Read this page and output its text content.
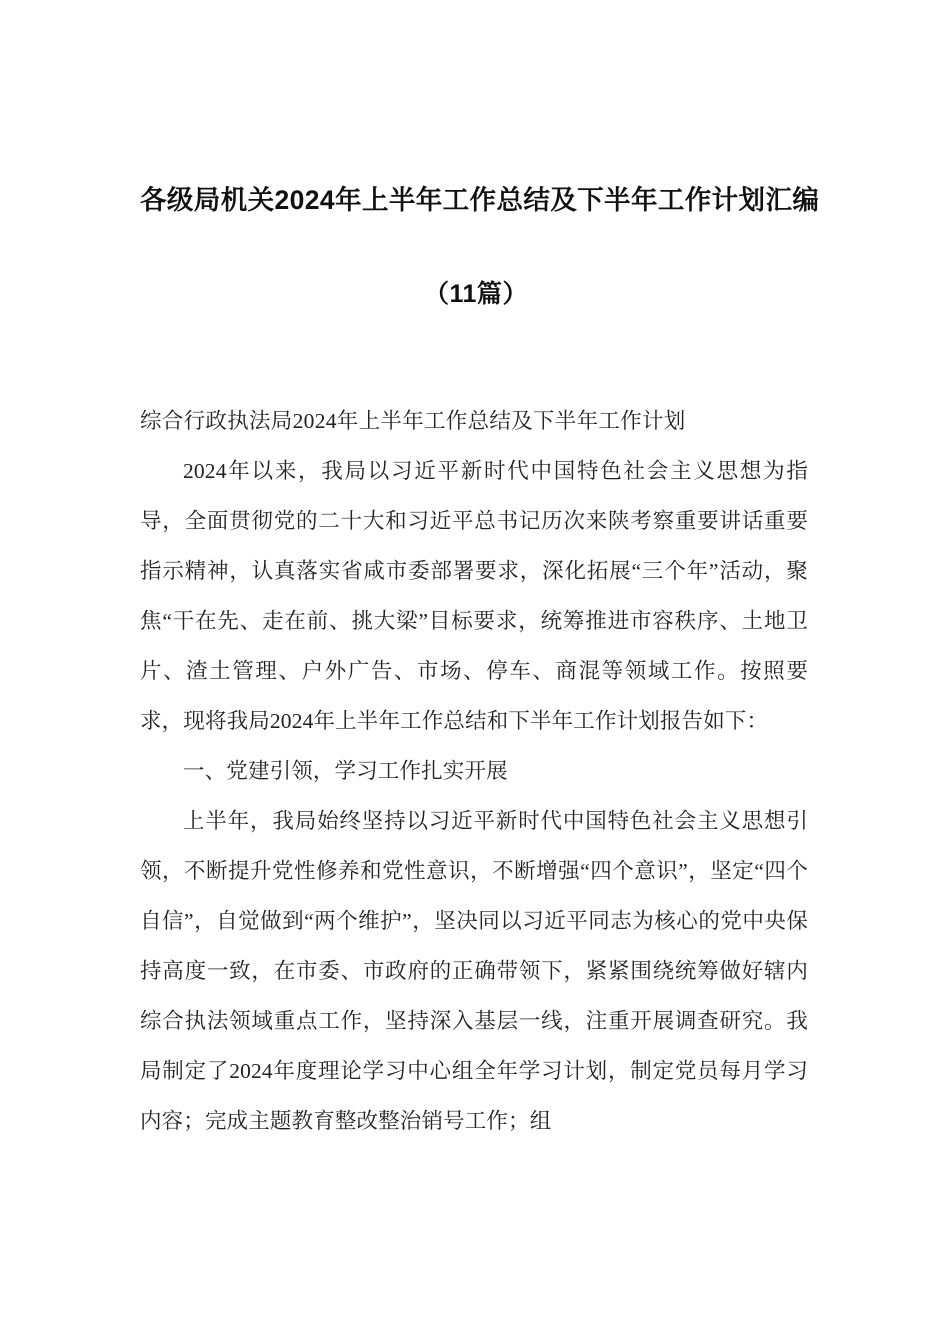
各级局机关2024年上半年工作总结及下半年工作计划汇编
（11篇）
综合行政执法局2024年上半年工作总结及下半年工作计划

2024年以来，我局以习近平新时代中国特色社会主义思想为指导，全面贯彻党的二十大和习近平总书记历次来陕考察重要讲话重要指示精神，认真落实省咸市委部署要求，深化拓展“三个年”活动，聚焦“干在先、走在前、挑大梁”目标要求，统筹推进市容秩序、土地卫片、渣土管理、户外广告、市场、停车、商混等领域工作。按照要求，现将我局2024年上半年工作总结和下半年工作计划报告如下：

一、党建引领，学习工作扎实开展

上半年，我局始终坚持以习近平新时代中国特色社会主义思想引领，不断提升党性修养和党性意识，不断增强“四个意识”，坚定“四个自信”，自觉做到“两个维护”，坚决同以习近平同志为核心的党中央保持高度一致，在市委、市政府的正确带领下，紧紧围绕统筹做好辖内综合执法领域重点工作，坚持深入基层一线，注重开展调查研究。我局制定了2024年度理论学习中心组全年学习计划，制定党员每月学习内容；完成主题教育整改整治销号工作；组
